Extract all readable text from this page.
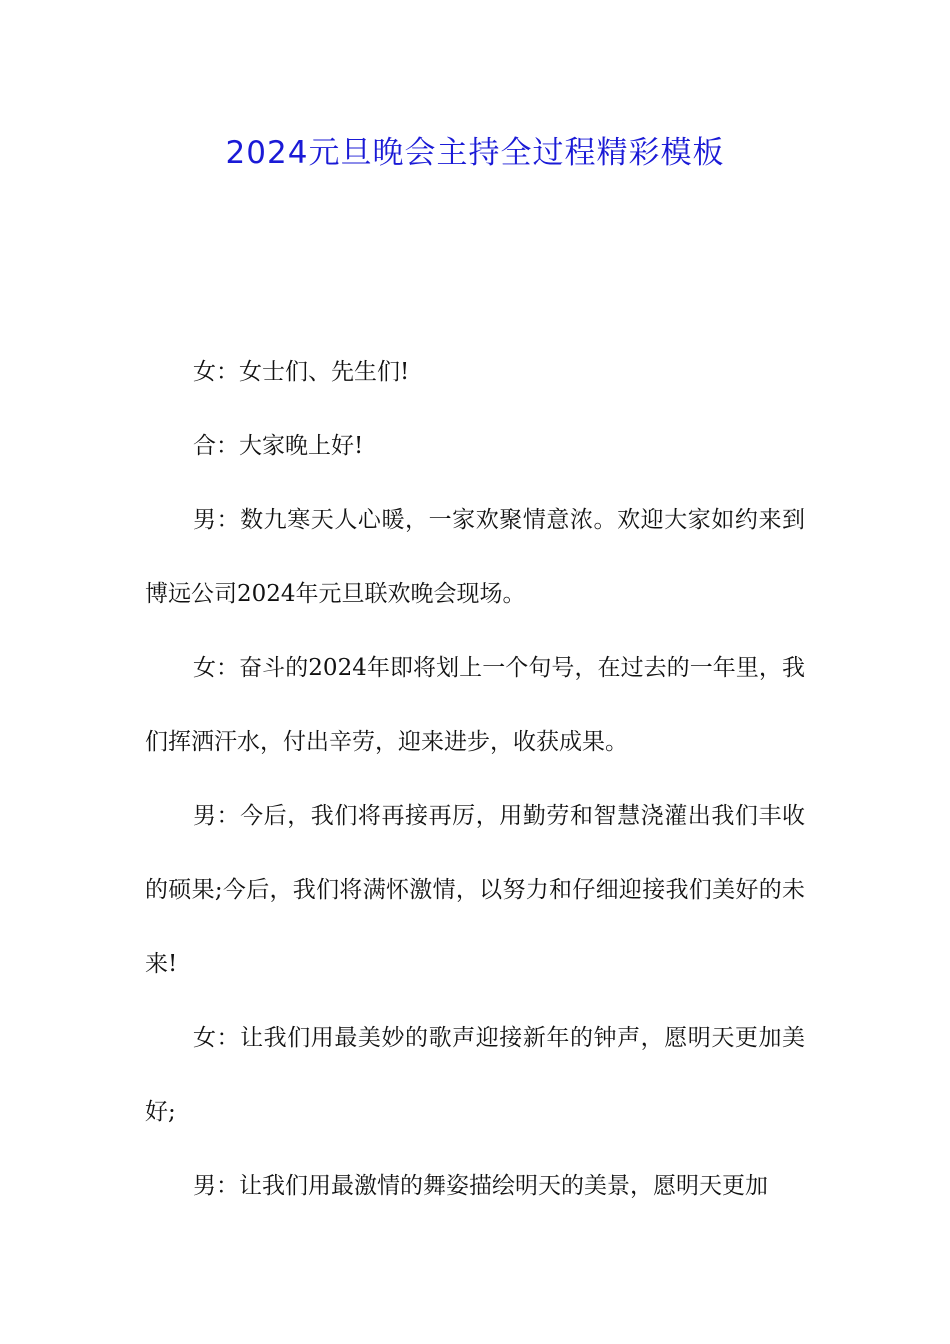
2024元旦晚会主持全过程精彩模板

女：女士们、先生们!

合：大家晚上好!

男：数九寒天人心暖，一家欢聚情意浓。欢迎大家如约来到博远公司2024年元旦联欢晚会现场。

女：奋斗的2024年即将划上一个句号，在过去的一年里，我们挥洒汗水，付出辛劳，迎来进步，收获成果。

男：今后，我们将再接再厉，用勤劳和智慧浇灌出我们丰收的硕果;今后，我们将满怀激情，以努力和仔细迎接我们美好的未来!

女：让我们用最美妙的歌声迎接新年的钟声，愿明天更加美好;

男：让我们用最激情的舞姿描绘明天的美景，愿明天更加
